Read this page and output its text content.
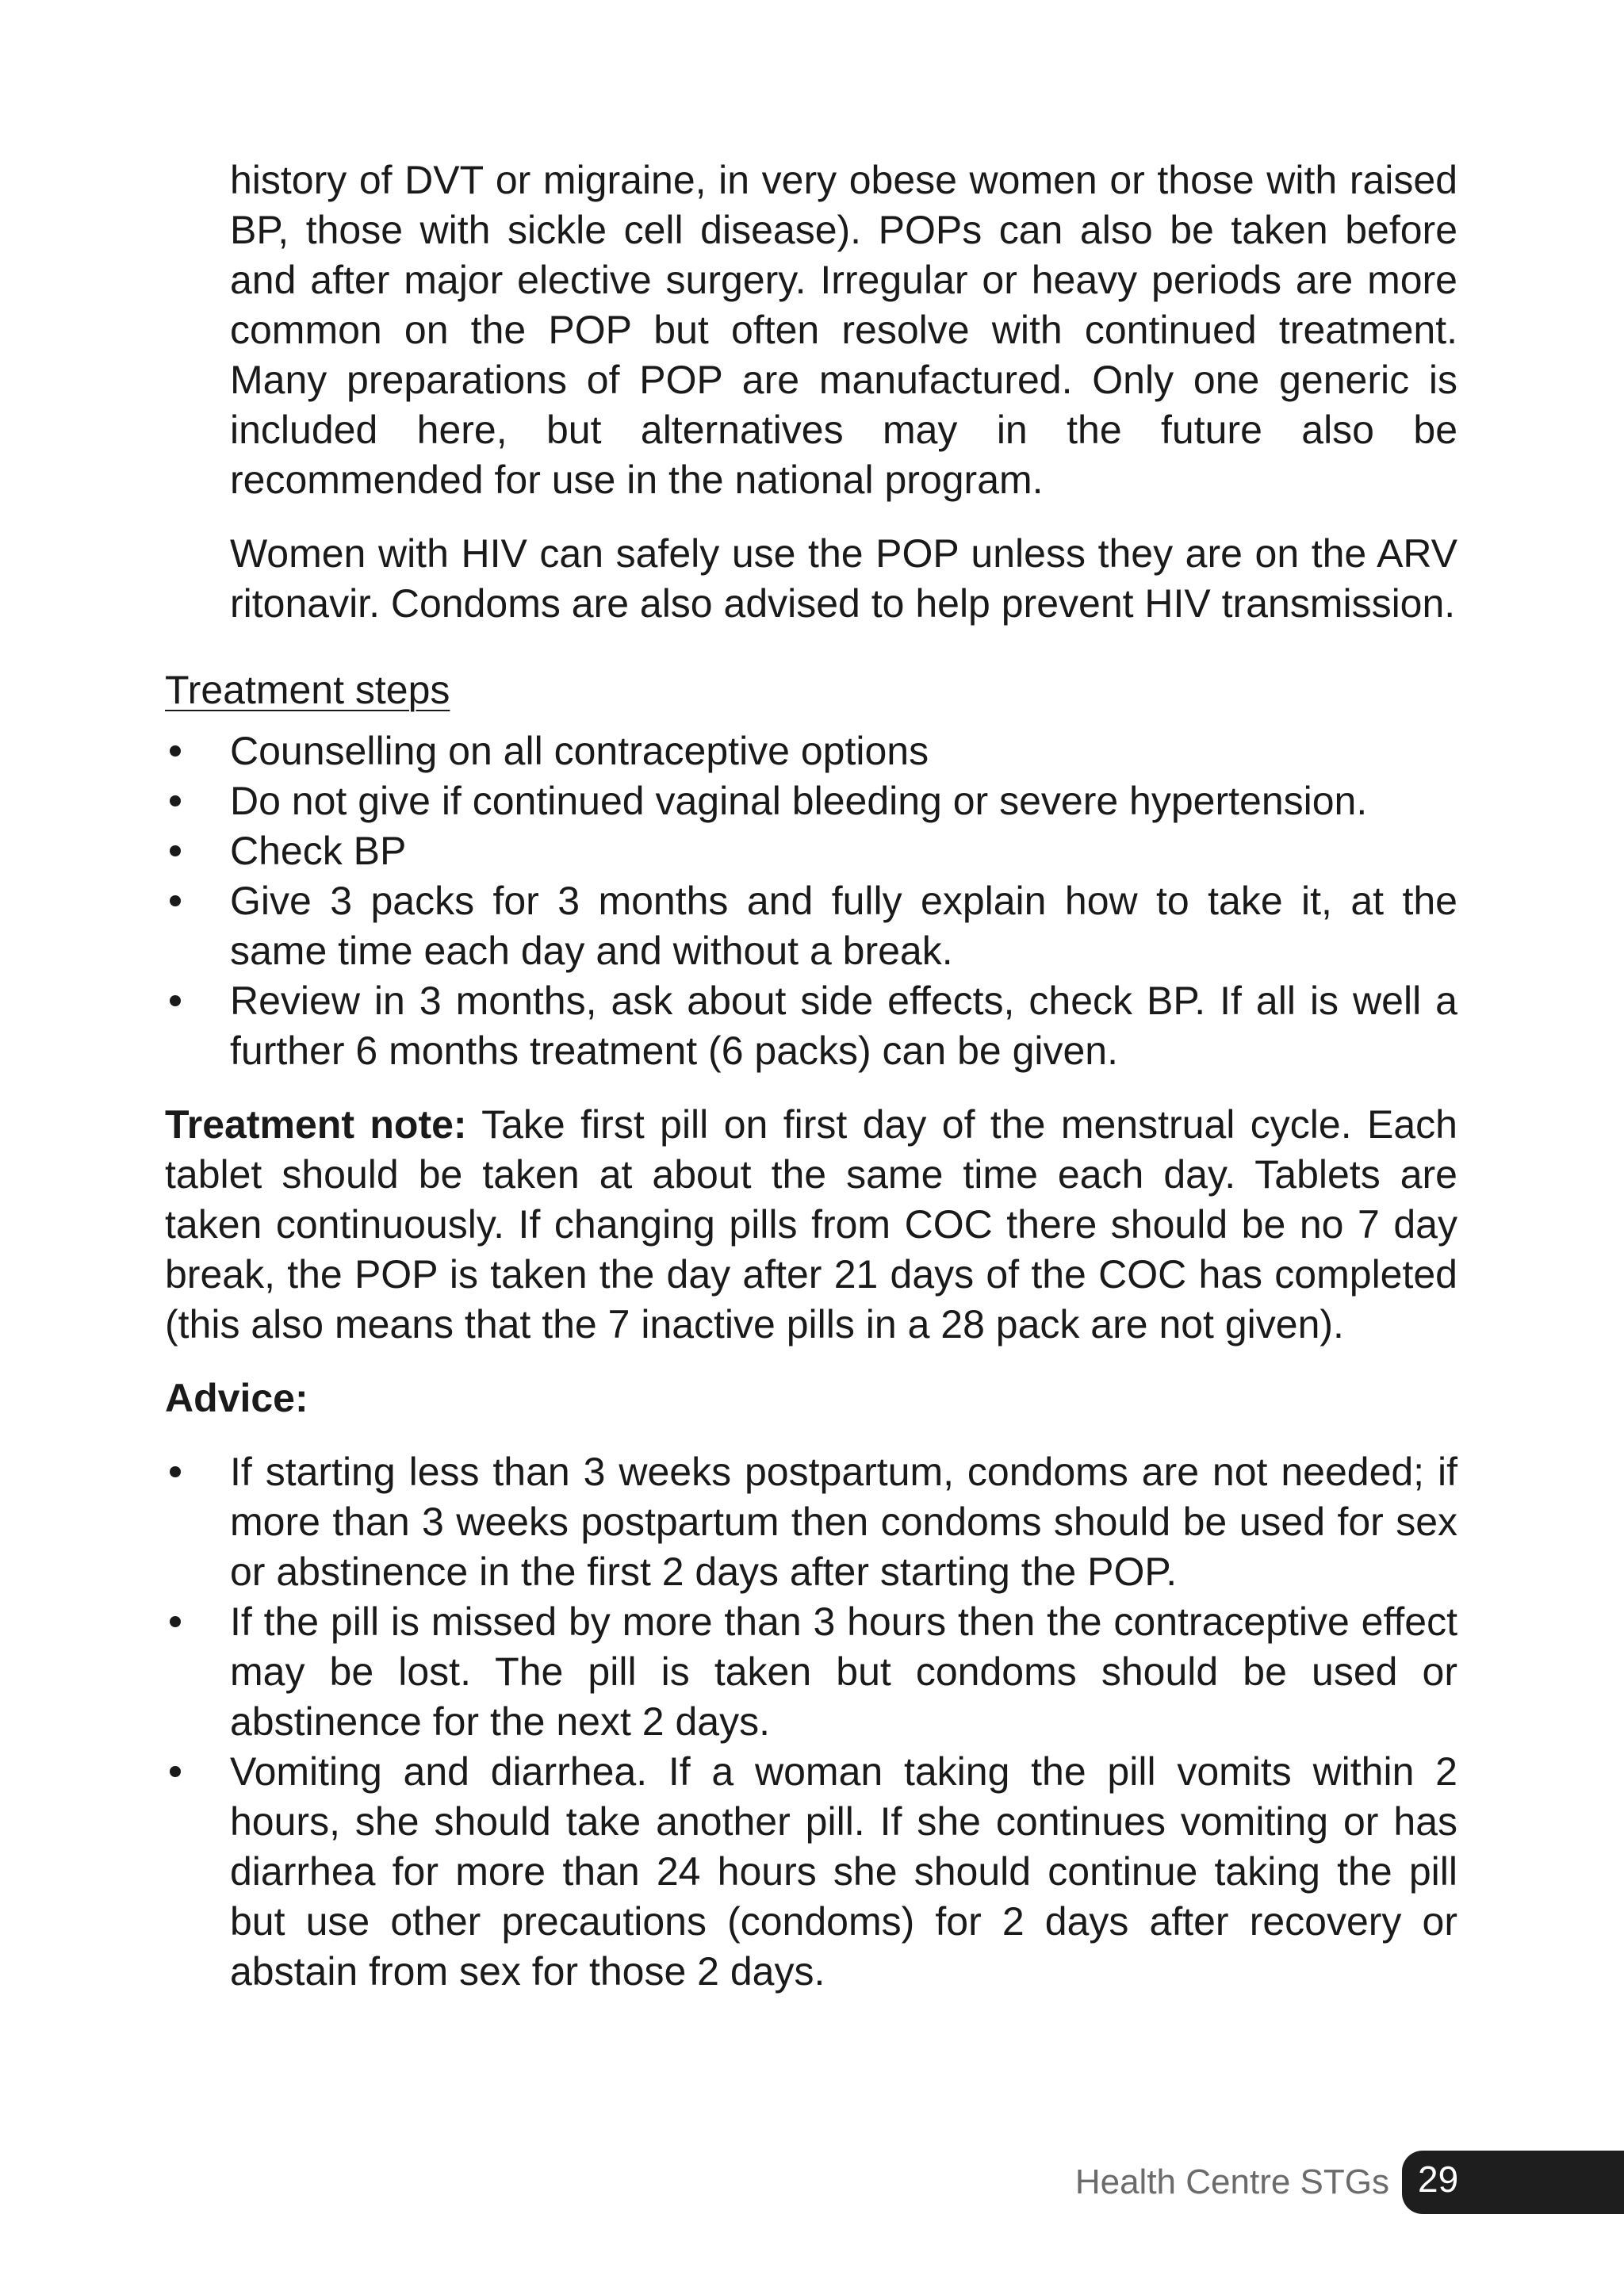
history of DVT or migraine, in very obese women or those with raised BP, those with sickle cell disease). POPs can also be taken before and after major elective surgery. Irregular or heavy periods are more common on the POP but often resolve with continued treatment. Many preparations of POP are manufactured. Only one generic is included here, but alternatives may in the future also be recommended for use in the national program.

Women with HIV can safely use the POP unless they are on the ARV ritonavir. Condoms are also advised to help prevent HIV transmission.

Treatment steps
Counselling on all contraceptive options
Do not give if continued vaginal bleeding or severe hypertension.
Check BP
Give 3 packs for 3 months and fully explain how to take it, at the same time each day and without a break.
Review in 3 months, ask about side effects, check BP. If all is well a further 6 months treatment (6 packs) can be given.

Treatment note: Take first pill on first day of the menstrual cycle. Each tablet should be taken at about the same time each day. Tablets are taken continuously. If changing pills from COC there should be no 7 day break, the POP is taken the day after 21 days of the COC has completed (this also means that the 7 inactive pills in a 28 pack are not given).

Advice:
If starting less than 3 weeks postpartum, condoms are not needed; if more than 3 weeks postpartum then condoms should be used for sex or abstinence in the first 2 days after starting the POP.
If the pill is missed by more than 3 hours then the contraceptive effect may be lost. The pill is taken but condoms should be used or abstinence for the next 2 days.
Vomiting and diarrhea. If a woman taking the pill vomits within 2 hours, she should take another pill. If she continues vomiting or has diarrhea for more than 24 hours she should continue taking the pill but use other precautions (condoms) for 2 days after recovery or abstain from sex for those 2 days.
Health Centre STGs 29
